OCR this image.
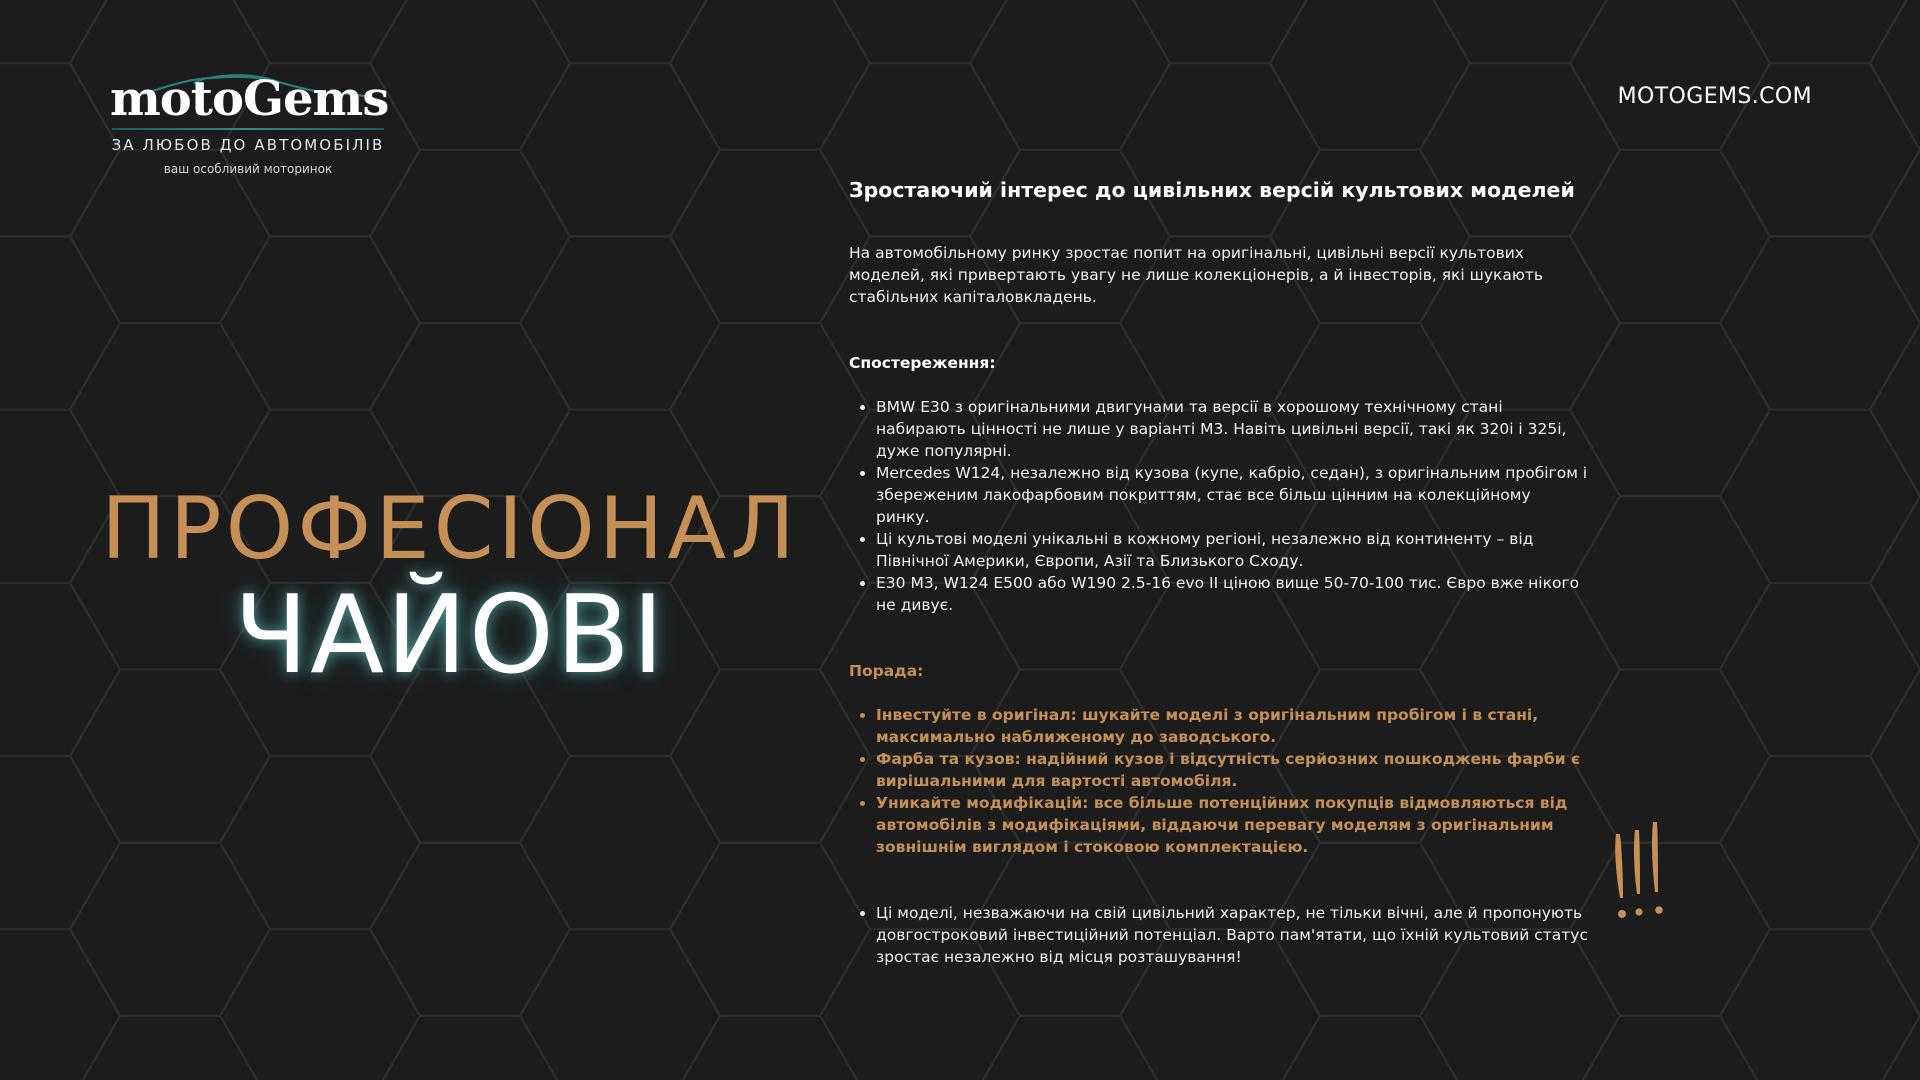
motoGems
ЗА ЛЮБОВ ДО АВТОМОБІЛІВ
ваш особливий моторинок
MOTOGEMS.COM
ПРОФЕСІОНАЛ
ЧАЙОВІ
Зростаючий інтерес до цивільних версій культових моделей

На автомобільному ринку зростає попит на оригінальні, цивільні версії культових моделей, які привертають увагу не лише колекціонерів, а й інвесторів, які шукають стабільних капіталовкладень.

Спостереження:

• BMW E30 з оригінальними двигунами та версії в хорошому технічному стані набирають цінності не лише у варіанті M3. Навіть цивільні версії, такі як 320i і 325i, дуже популярні.
• Mercedes W124, незалежно від кузова (купе, кабріо, седан), з оригінальним пробігом і збереженим лакофарбовим покриттям, стає все більш цінним на колекційному ринку.
• Ці культові моделі унікальні в кожному регіоні, незалежно від континенту – від Північної Америки, Європи, Азії та Близького Сходу.
• E30 M3, W124 E500 або W190 2.5-16 evo II ціною вище 50-70-100 тис. Євро вже нікого не дивує.

Порада:

• Інвестуйте в оригінал: шукайте моделі з оригінальним пробігом і в стані, максимально наближеному до заводського.
• Фарба та кузов: надійний кузов і відсутність серйозних пошкоджень фарби є вирішальними для вартості автомобіля.
• Уникайте модифікацій: все більше потенційних покупців відмовляються від автомобілів з модифікаціями, віддаючи перевагу моделям з оригінальним зовнішнім виглядом і стоковою комплектацією.
• Ці моделі, незважаючи на свій цивільний характер, не тільки вічні, але й пропонують довгостроковий інвестиційний потенціал. Варто пам'ятати, що їхній культовий статус зростає незалежно від місця розташування!
